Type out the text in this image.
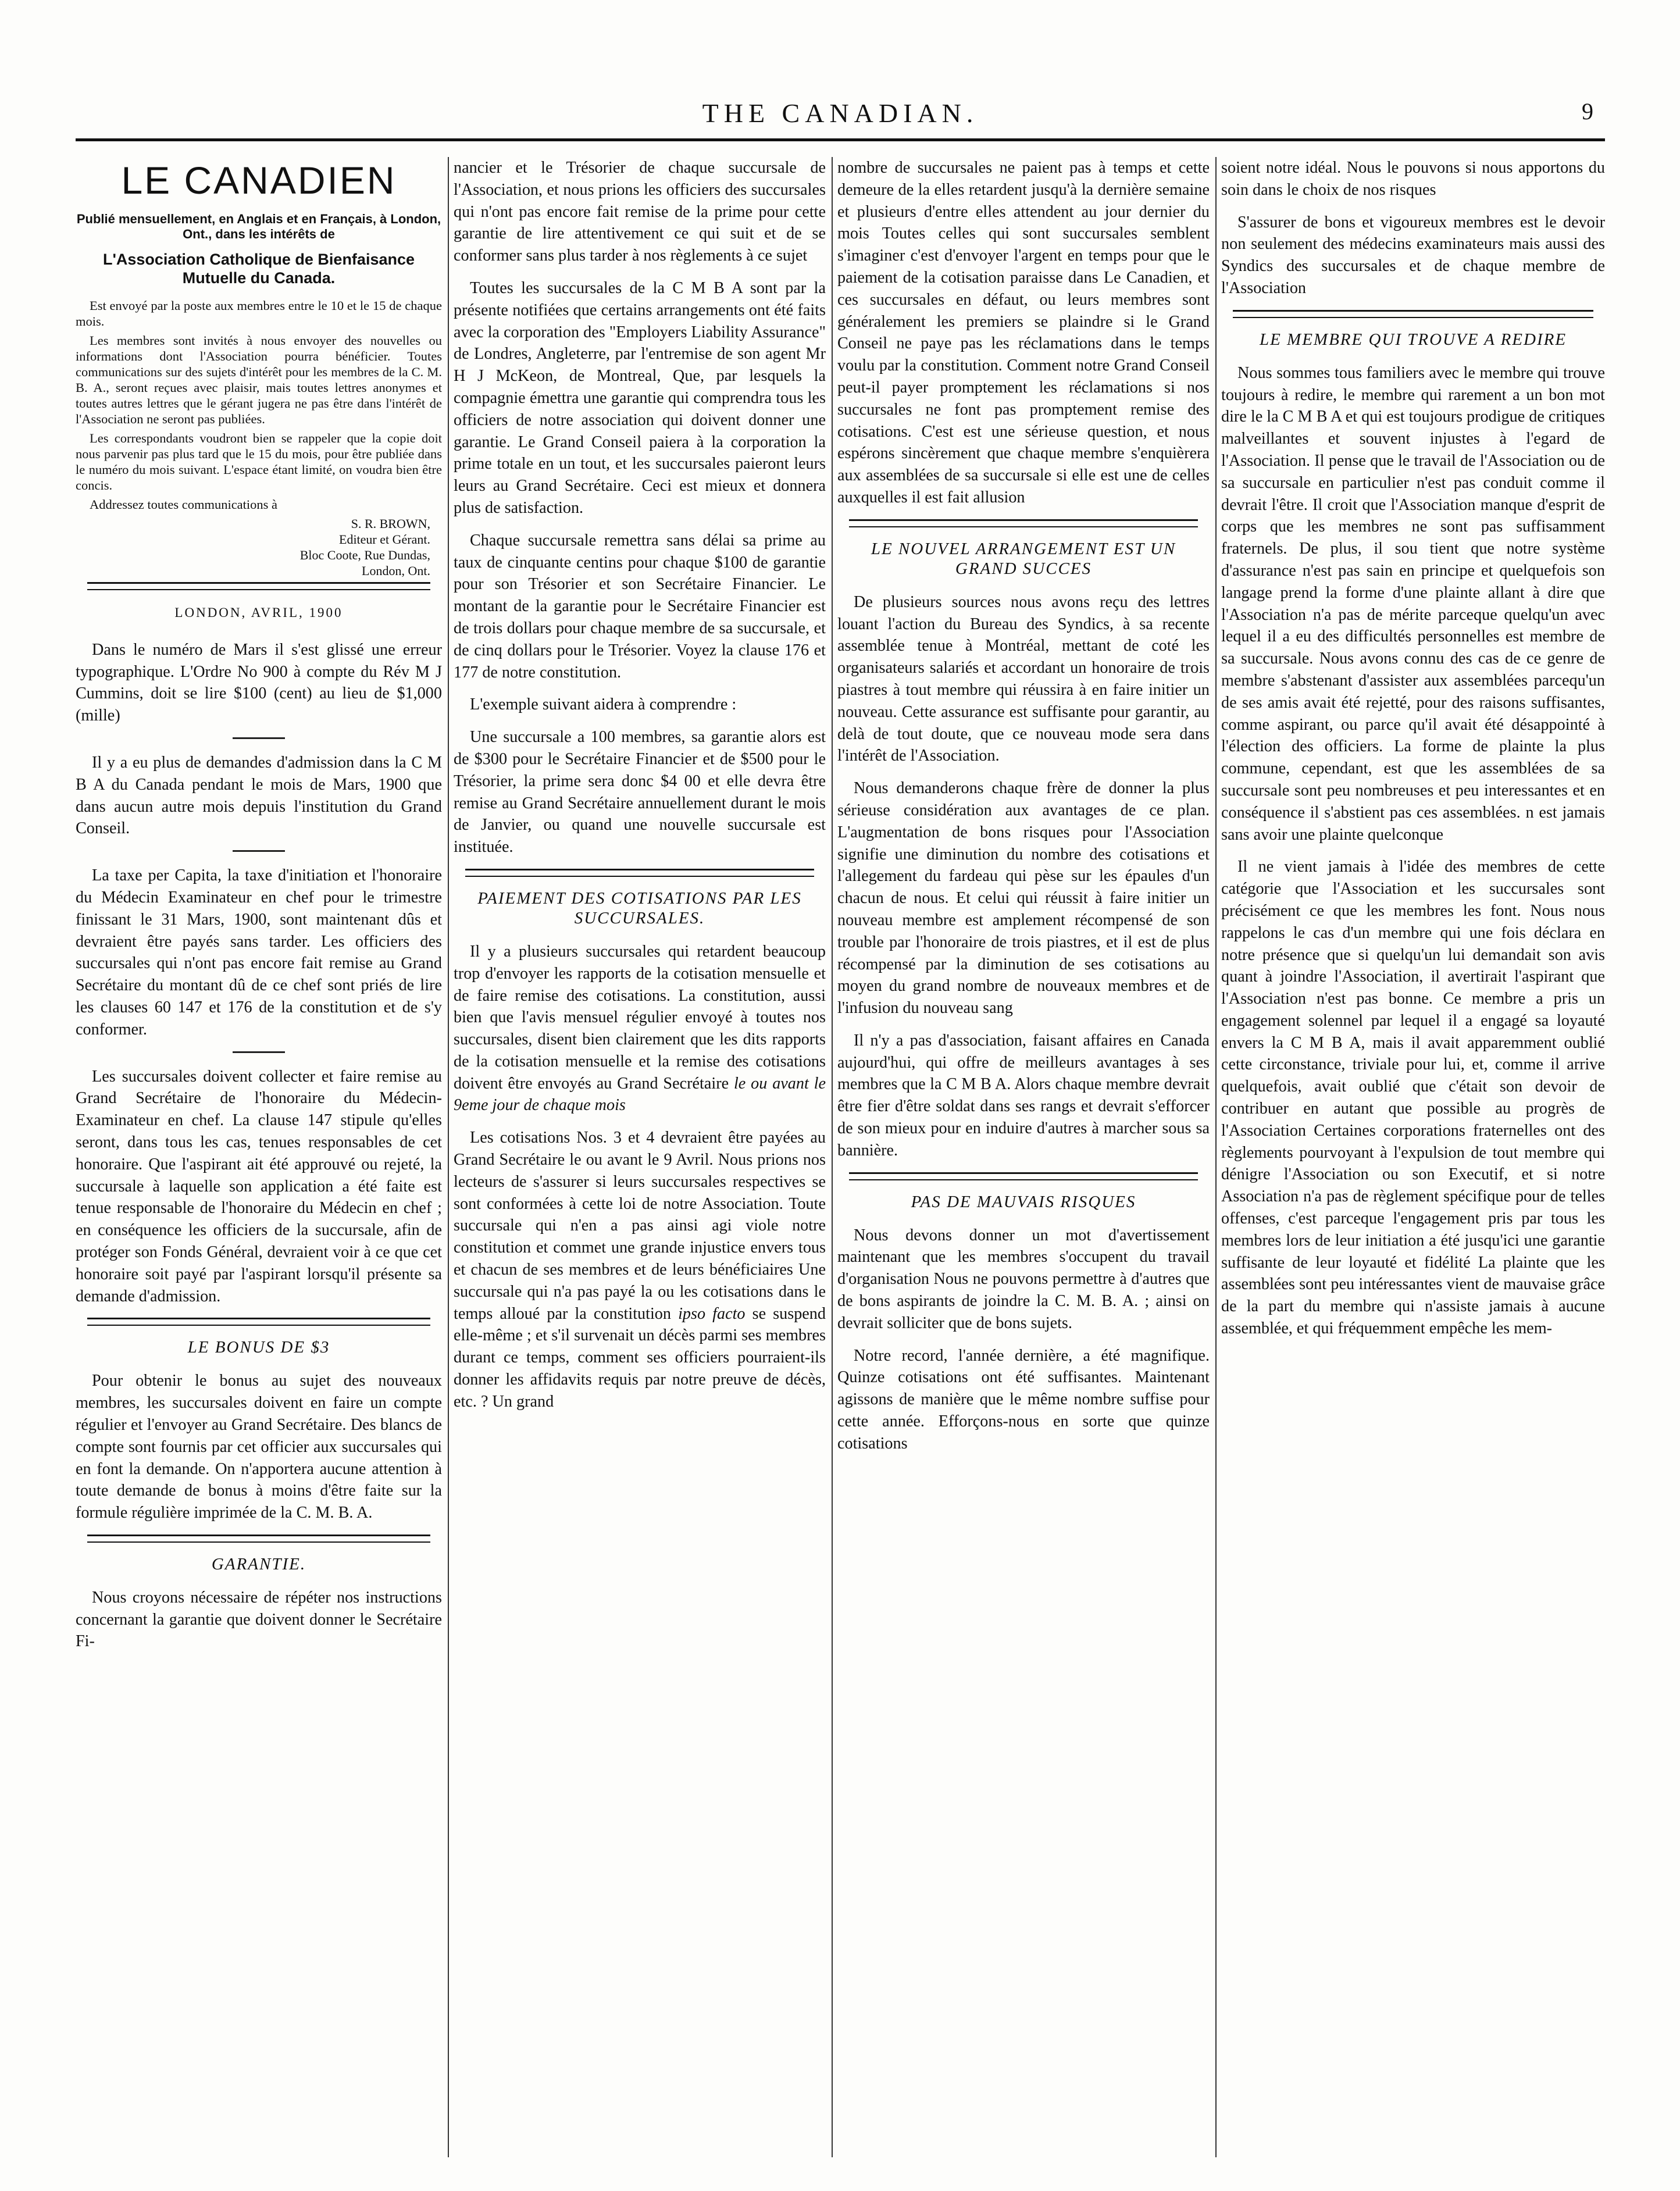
THE CANADIAN.	9
LE CANADIEN

Publié mensuellement, en Anglais et en Français, à London, Ont., dans les intérêts de

L'Association Catholique de Bienfaisance Mutuelle du Canada.

Est envoyé par la poste aux membres entre le 10 et le 15 de chaque mois.

Les membres sont invités à nous envoyer des nouvelles ou informations dont l'Association pourra bénéficier. Toutes communications sur des sujets d'intérêt pour les membres de la C. M. B. A., seront reçues avec plaisir, mais toutes lettres anonymes et toutes autres lettres que le gérant jugera ne pas être dans l'intérêt de l'Association ne seront pas publiées.

Les correspondants voudront bien se rappeler que la copie doit nous parvenir pas plus tard que le 15 du mois, pour être publiée dans le numéro du mois suivant. L'espace étant limité, on voudra bien être concis.

Addressez toutes communications à

S. R. BROWN,

Editeur et Gérant.

Bloc Coote, Rue Dundas,

London, Ont.

LONDON, AVRIL, 1900

Dans le numéro de Mars il s'est glissé une erreur typographique. L'Ordre No 900 à compte du Rév M J Cummins, doit se lire $100 (cent) au lieu de $1,000 (mille)

Il y a eu plus de demandes d'admission dans la C M B A du Canada pendant le mois de Mars, 1900 que dans aucun autre mois depuis l'institution du Grand Conseil.

La taxe per Capita, la taxe d'initiation et l'honoraire du Médecin Examinateur en chef pour le trimestre finissant le 31 Mars, 1900, sont maintenant dûs et devraient être payés sans tarder. Les officiers des succursales qui n'ont pas encore fait remise au Grand Secrétaire du montant dû de ce chef sont priés de lire les clauses 60 147 et 176 de la constitution et de s'y conformer.

Les succursales doivent collecter et faire remise au Grand Secrétaire de l'honoraire du Médecin-Examinateur en chef. La clause 147 stipule qu'elles seront, dans tous les cas, tenues responsables de cet honoraire. Que l'aspirant ait été approuvé ou rejeté, la succursale à laquelle son application a été faite est tenue responsable de l'honoraire du Médecin en chef ; en conséquence les officiers de la succursale, afin de protéger son Fonds Général, devraient voir à ce que cet honoraire soit payé par l'aspirant lorsqu'il présente sa demande d'admission.

LE BONUS DE $3

Pour obtenir le bonus au sujet des nouveaux membres, les succursales doivent en faire un compte régulier et l'envoyer au Grand Secrétaire. Des blancs de compte sont fournis par cet officier aux succursales qui en font la demande. On n'apportera aucune attention à toute demande de bonus à moins d'être faite sur la formule régulière imprimée de la C. M. B. A.

GARANTIE.

Nous croyons nécessaire de répéter nos instructions concernant la garantie que doivent donner le Secrétaire Fi-

nancier et le Trésorier de chaque succursale de l'Association, et nous prions les officiers des succursales qui n'ont pas encore fait remise de la prime pour cette garantie de lire attentivement ce qui suit et de se conformer sans plus tarder à nos règlements à ce sujet

Toutes les succursales de la C M B A sont par la présente notifiées que certains arrangements ont été faits avec la corporation des "Employers Liability Assurance" de Londres, Angleterre, par l'entremise de son agent Mr H J McKeon, de Montreal, Que, par lesquels la compagnie émettra une garantie qui comprendra tous les officiers de notre association qui doivent donner une garantie. Le Grand Conseil paiera à la corporation la prime totale en un tout, et les succursales paieront leurs leurs au Grand Secrétaire. Ceci est mieux et donnera plus de satisfaction.

Chaque succursale remettra sans délai sa prime au taux de cinquante centins pour chaque $100 de garantie pour son Trésorier et son Secrétaire Financier. Le montant de la garantie pour le Secrétaire Financier est de trois dollars pour chaque membre de sa succursale, et de cinq dollars pour le Trésorier. Voyez la clause 176 et 177 de notre constitution.

L'exemple suivant aidera à comprendre :

Une succursale a 100 membres, sa garantie alors est de $300 pour le Secrétaire Financier et de $500 pour le Trésorier, la prime sera donc $4 00 et elle devra être remise au Grand Secrétaire annuellement durant le mois de Janvier, ou quand une nouvelle succursale est instituée.

PAIEMENT DES COTISATIONS PAR LES SUCCURSALES.

Il y a plusieurs succursales qui retardent beaucoup trop d'envoyer les rapports de la cotisation mensuelle et de faire remise des cotisations. La constitution, aussi bien que l'avis mensuel régulier envoyé à toutes nos succursales, disent bien clairement que les dits rapports de la cotisation mensuelle et la remise des cotisations doivent être envoyés au Grand Secrétaire le ou avant le 9eme jour de chaque mois

Les cotisations Nos. 3 et 4 devraient être payées au Grand Secrétaire le ou avant le 9 Avril. Nous prions nos lecteurs de s'assurer si leurs succursales respectives se sont conformées à cette loi de notre Association. Toute succursale qui n'en a pas ainsi agi viole notre constitution et commet une grande injustice envers tous et chacun de ses membres et de leurs bénéficiaires Une succursale qui n'a pas payé la ou les cotisations dans le temps alloué par la constitution ipso facto se suspend elle-même ; et s'il survenait un décès parmi ses membres durant ce temps, comment ses officiers pourraient-ils donner les affidavits requis par notre preuve de décès, etc. ? Un grand

nombre de succursales ne paient pas à temps et cette demeure de la elles retardent jusqu'à la dernière semaine et plusieurs d'entre elles attendent au jour dernier du mois Toutes celles qui sont succursales semblent s'imaginer c'est d'envoyer l'argent en temps pour que le paiement de la cotisation paraisse dans Le Canadien, et ces succursales en défaut, ou leurs membres sont généralement les premiers se plaindre si le Grand Conseil ne paye pas les réclamations dans le temps voulu par la constitution. Comment notre Grand Conseil peut-il payer promptement les réclamations si nos succursales ne font pas promptement remise des cotisations. C'est est une sérieuse question, et nous espérons sincèrement que chaque membre s'enquièrera aux assemblées de sa succursale si elle est une de celles auxquelles il est fait allusion

LE NOUVEL ARRANGEMENT EST UN GRAND SUCCES

De plusieurs sources nous avons reçu des lettres louant l'action du Bureau des Syndics, à sa recente assemblée tenue à Montréal, mettant de coté les organisateurs salariés et accordant un honoraire de trois piastres à tout membre qui réussira à en faire initier un nouveau. Cette assurance est suffisante pour garantir, au delà de tout doute, que ce nouveau mode sera dans l'intérêt de l'Association.

Nous demanderons chaque frère de donner la plus sérieuse considération aux avantages de ce plan. L'augmentation de bons risques pour l'Association signifie une diminution du nombre des cotisations et l'allegement du fardeau qui pèse sur les épaules d'un chacun de nous. Et celui qui réussit à faire initier un nouveau membre est amplement récompensé de son trouble par l'honoraire de trois piastres, et il est de plus récompensé par la diminution de ses cotisations au moyen du grand nombre de nouveaux membres et de l'infusion du nouveau sang

Il n'y a pas d'association, faisant affaires en Canada aujourd'hui, qui offre de meilleurs avantages à ses membres que la C M B A. Alors chaque membre devrait être fier d'être soldat dans ses rangs et devrait s'efforcer de son mieux pour en induire d'autres à marcher sous sa bannière.

PAS DE MAUVAIS RISQUES

Nous devons donner un mot d'avertissement maintenant que les membres s'occupent du travail d'organisation Nous ne pouvons permettre à d'autres que de bons aspirants de joindre la C. M. B. A. ; ainsi on devrait solliciter que de bons sujets.

Notre record, l'année dernière, a été magnifique. Quinze cotisations ont été suffisantes. Maintenant agissons de manière que le même nombre suffise pour cette année. Efforçons-nous en sorte que quinze cotisations

soient notre idéal. Nous le pouvons si nous apportons du soin dans le choix de nos risques

S'assurer de bons et vigoureux membres est le devoir non seulement des médecins examinateurs mais aussi des Syndics des succursales et de chaque membre de l'Association

LE MEMBRE QUI TROUVE A REDIRE

Nous sommes tous familiers avec le membre qui trouve toujours à redire, le membre qui rarement a un bon mot dire le la C M B A et qui est toujours prodigue de critiques malveillantes et souvent injustes à l'egard de l'Association. Il pense que le travail de l'Association ou de sa succursale en particulier n'est pas conduit comme il devrait l'être. Il croit que l'Association manque d'esprit de corps que les membres ne sont pas suffisamment fraternels. De plus, il sou tient que notre système d'assurance n'est pas sain en principe et quelquefois son langage prend la forme d'une plainte allant à dire que l'Association n'a pas de mérite parceque quelqu'un avec lequel il a eu des difficultés personnelles est membre de sa succursale. Nous avons connu des cas de ce genre de membre s'abstenant d'assister aux assemblées parcequ'un de ses amis avait été rejetté, pour des raisons suffisantes, comme aspirant, ou parce qu'il avait été désappointé à l'élection des officiers. La forme de plainte la plus commune, cependant, est que les assemblées de sa succursale sont peu nombreuses et peu interessantes et en conséquence il s'abstient pas ces assemblées. n est jamais sans avoir une plainte quelconque

Il ne vient jamais à l'idée des membres de cette catégorie que l'Association et les succursales sont précisément ce que les membres les font. Nous nous rappelons le cas d'un membre qui une fois déclara en notre présence que si quelqu'un lui demandait son avis quant à joindre l'Association, il avertirait l'aspirant que l'Association n'est pas bonne. Ce membre a pris un engagement solennel par lequel il a engagé sa loyauté envers la C M B A, mais il avait apparemment oublié cette circonstance, triviale pour lui, et, comme il arrive quelquefois, avait oublié que c'était son devoir de contribuer en autant que possible au progrès de l'Association Certaines corporations fraternelles ont des règlements pourvoyant à l'expulsion de tout membre qui dénigre l'Association ou son Executif, et si notre Association n'a pas de règlement spécifique pour de telles offenses, c'est parceque l'engagement pris par tous les membres lors de leur initiation a été jusqu'ici une garantie suffisante de leur loyauté et fidélité La plainte que les assemblées sont peu intéressantes vient de mauvaise grâce de la part du membre qui n'assiste jamais à aucune assemblée, et qui fréquemment empêche les mem-
